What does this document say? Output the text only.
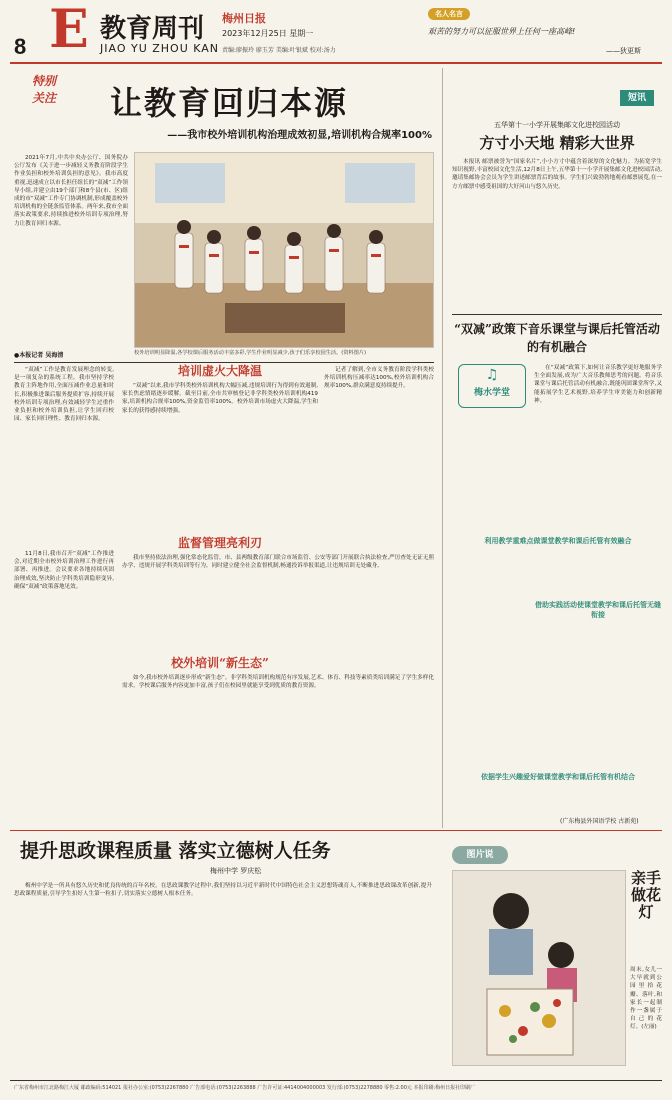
8 E 教育周刊
JIAO YU ZHOU KAN
梅州日报
2023年12月25日 星期一
责编:廖振玲 廖玉芳 美编:叶银斌 校对:汤力
名人名言
艰苦的努力可以征服世界上任何一座高峰!
——狄更斯
特别
关注	让教育回归本源
——我市校外培训机构治理成效初显,培训机构合规率100%

2021年7月,中共中央办公厅、国务院办公厅发布《关于进一步减轻义务教育阶段学生作业负担和校外培训负担的意见》。我市高度重视,迅速成立以市长担任组长的“双减”工作领导小组,并建立由19个部门和8个县(市、区)组成的市“双减”工作专门协调机制,形成覆盖校外培训机构的全链条监管体系。两年来,我市全面落实政策要求,持续推进校外培训专项治理,努力让教育回归本源。

校外培训明显降温,各学校课后服务活动丰富多彩,学生作业明显减少,孩子们乐享校园生活。(资料图片)
●本报记者 吴海清

“双减”工作是教育发展理念的转变,是一项复杂的系统工程。我市坚持学校教育主阵地作用,全面压减作业总量和时长,积极推进课后服务提质扩容,持续开展校外培训专项治理,有效减轻学生过重作业负担和校外培训负担,让学生回归校园、家长回归理性、教育回归本源。

培训虚火大降温

“双减”以来,我市学科类校外培训机构大幅压减,违规培训行为得到有效遏制,家长焦虑情绪逐步缓解。截至目前,全市共审核登记非学科类校外培训机构419家,培训机构合规率100%,资金监管率100%。校外培训市场虚火大降温,学生和家长的获得感持续增强。

记者了解到,全市义务教育阶段学科类校外培训机构压减率达100%,校外培训机构合规率100%,群众满意度持续提升。

11月8日,我市召开“双减”工作推进会,对近期全市校外培训治理工作进行再部署、再推进。会议要求各地持续巩固治理成效,坚决防止学科类培训隐形变异,确保“双减”政策落地见效。

监督管理亮利刃

我市坚持依法治理,强化常态化监管。市、县两级教育部门联合市场监管、公安等部门开展联合执法检查,严厉查处无证无照办学、违规开展学科类培训等行为。同时建立健全社会监督机制,畅通投诉举报渠道,让违规培训无处藏身。

校外培训“新生态”

如今,我市校外培训逐步形成“新生态”。非学科类培训机构规范有序发展,艺术、体育、科技等素质类培训满足了学生多样化需求。学校课后服务内容更加丰富,孩子们在校园里就能享受到优质的教育资源。

短讯
五华第十一小学开展集邮文化进校园活动
方寸小天地 精彩大世界

本报讯 邮票被誉为“国家名片”,小小方寸中蕴含着深厚的文化魅力。为拓宽学生知识视野,丰富校园文化生活,12月8日上午,五华第十一小学开展集邮文化进校园活动,邀请集邮协会会员为学生讲述邮票背后的故事。学生们兴致勃勃地观看邮票展览,在一方方邮票中感受祖国的大好河山与悠久历史。

“双减”政策下音乐课堂与课后托管活动的有机融合
♫
梅水学堂

在“双减”政策下,如何让音乐教学更好地服务学生全面发展,成为广大音乐教师思考的问题。将音乐课堂与课后托管活动有机融合,既能巩固课堂所学,又能拓展学生艺术视野,培养学生审美能力和创新精神。

利用教学重难点做课堂教学和课后托管有效融合
借助实践活动使课堂教学和课后托管无缝衔接
依据学生兴趣爱好做课堂教学和课后托管有机结合
(广东梅县外国语学校 古新苑)
提升思政课程质量 落实立德树人任务
梅州中学 罗庆松

梅州中学是一所具有悠久历史和优良传统的百年名校。在思政课教学过程中,我们坚持以习近平新时代中国特色社会主义思想铸魂育人,不断推进思政课改革创新,提升思政课程质量,引导学生扣好人生第一粒扣子,切实落实立德树人根本任务。

图片说
亲手做花灯
周末,女儿一大早就到公园里拾花瓣、落叶,和家长一起制作一盏属于自己的花灯。(左丽)
广东省梅州市江北路梅江大厦 邮政编码:514021 报社办公室:(0753)2267880 广告部电话:(0753)2263888 广告许可证:4414004000003 发行部:(0753)2278880 零售:2.00元 本报印刷:梅州日报社印刷厂
